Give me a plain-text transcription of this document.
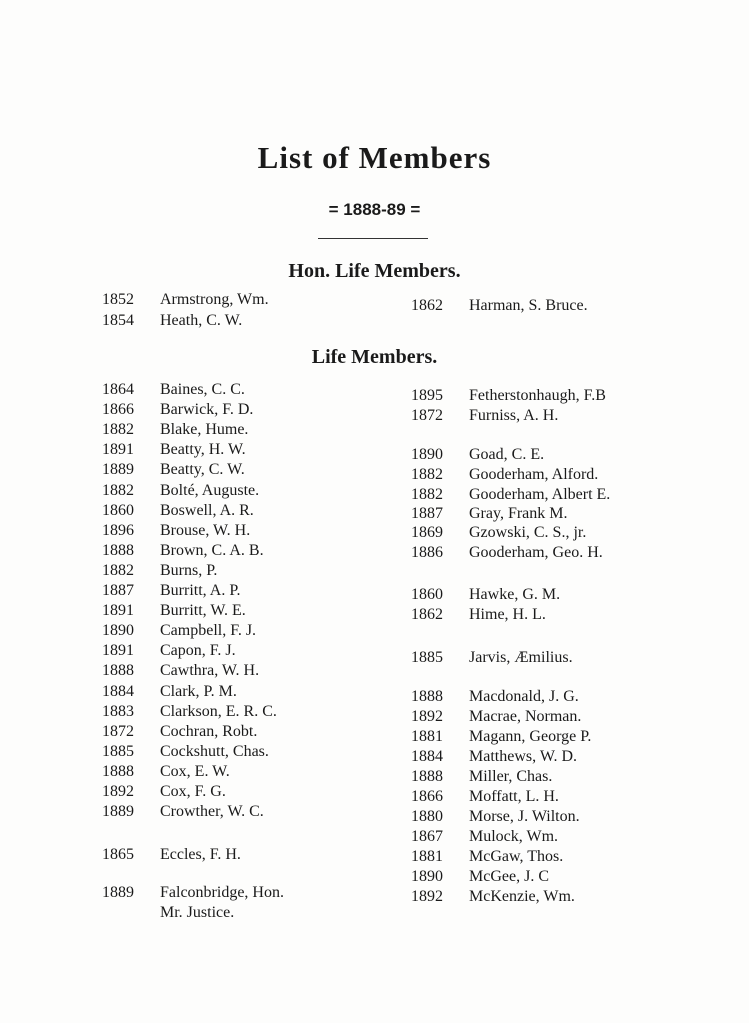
List of Members
= 1888-89 =
Hon. Life Members.
Life Members.
1852 Armstrong, Wm.
1854 Heath, C. W.
1862 Harman, S. Bruce.
1864 Baines, C. C.
1866 Barwick, F. D.
1882 Blake, Hume.
1891 Beatty, H. W.
1889 Beatty, C. W.
1882 Bolté, Auguste.
1860 Boswell, A. R.
1896 Brouse, W. H.
1888 Brown, C. A. B.
1882 Burns, P.
1887 Burritt, A. P.
1891 Burritt, W. E.
1890 Campbell, F. J.
1891 Capon, F. J.
1888 Cawthra, W. H.
1884 Clark, P. M.
1883 Clarkson, E. R. C.
1872 Cochran, Robt.
1885 Cockshutt, Chas.
1888 Cox, E. W.
1892 Cox, F. G.
1889 Crowther, W. C.
1865 Eccles, F. H.
1889 Falconbridge, Hon.
Mr. Justice.
1895 Fetherstonhaugh, F.B
1872 Furniss, A. H.
1890 Goad, C. E.
1882 Gooderham, Alford.
1882 Gooderham, Albert E.
1887 Gray, Frank M.
1869 Gzowski, C. S., jr.
1886 Gooderham, Geo. H.
1860 Hawke, G. M.
1862 Hime, H. L.
1885 Jarvis, Æmilius.
1888 Macdonald, J. G.
1892 Macrae, Norman.
1881 Magann, George P.
1884 Matthews, W. D.
1888 Miller, Chas.
1866 Moffatt, L. H.
1880 Morse, J. Wilton.
1867 Mulock, Wm.
1881 McGaw, Thos.
1890 McGee, J. C
1892 McKenzie, Wm.
